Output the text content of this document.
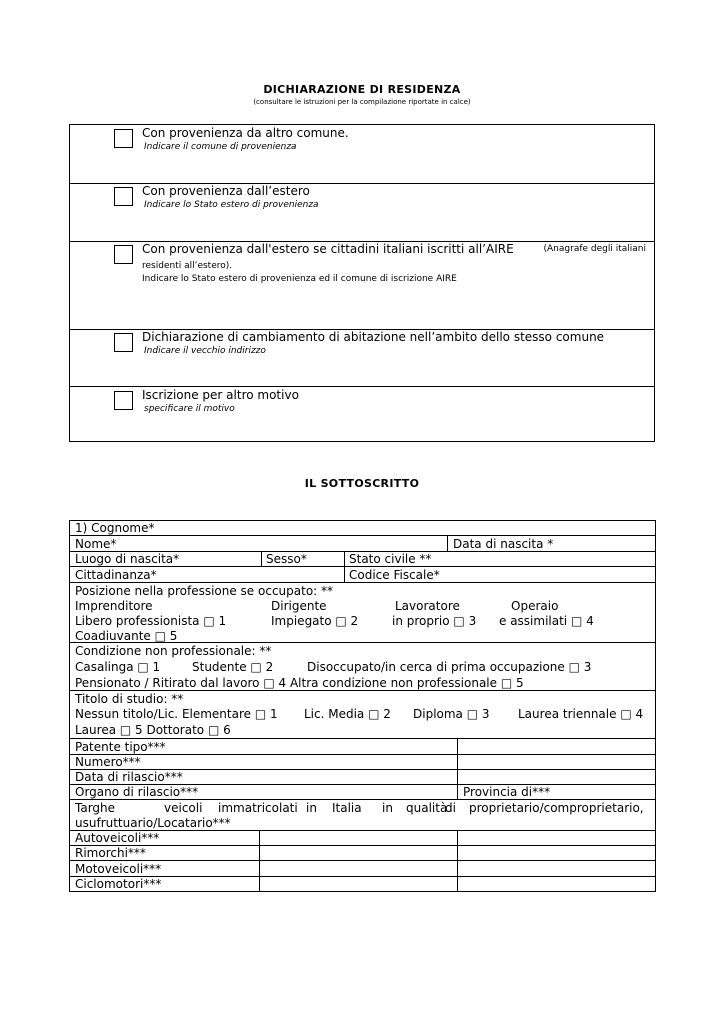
DICHIARAZIONE DI RESIDENZA
(consultare le istruzioni per la compilazione riportate in calce)
Con provenienza da altro comune.
Indicare il comune di provenienza
Con provenienza dall’estero
Indicare lo Stato estero di provenienza
Con provenienza dall'estero se cittadini italiani iscritti all’AIRE	(Anagrafe degli italiani
residenti all’estero).
Indicare lo Stato estero di provenienza ed il comune di iscrizione AIRE
Dichiarazione di cambiamento di abitazione nell’ambito dello stesso comune
Indicare il vecchio indirizzo
Iscrizione per altro motivo
specificare il motivo
IL SOTTOSCRITTO
1) Cognome*
Nome*	Data di nascita *
Luogo di nascita*	Sesso*	Stato civile **
Cittadinanza*	Codice Fiscale*
Posizione nella professione se occupato: **
Imprenditore	Dirigente	Lavoratore	Operaio
Libero professionista □ 1	Impiegato □ 2	in proprio □ 3 e assimilati □ 4
Coadiuvante □ 5
Condizione non professionale: **
Casalinga □ 1	Studente □ 2	Disoccupato/in cerca di prima occupazione □ 3
Pensionato / Ritirato dal lavoro □ 4 Altra condizione non professionale □ 5
Titolo di studio: **
Nessun titolo/Lic. Elementare □ 1 Lic. Media □ 2 Diploma □ 3 Laurea triennale □ 4
Laurea □ 5 Dottorato □ 6
Patente tipo***
Numero***
Data di rilascio***
Organo di rilascio***	Provincia di***
Targhe	veicoli immatricolati in Italia in qualità
di proprietario/comproprietario,
usufruttuario/Locatario***
Autoveicoli***
Rimorchi***
Motoveicoli***
Ciclomotori***
